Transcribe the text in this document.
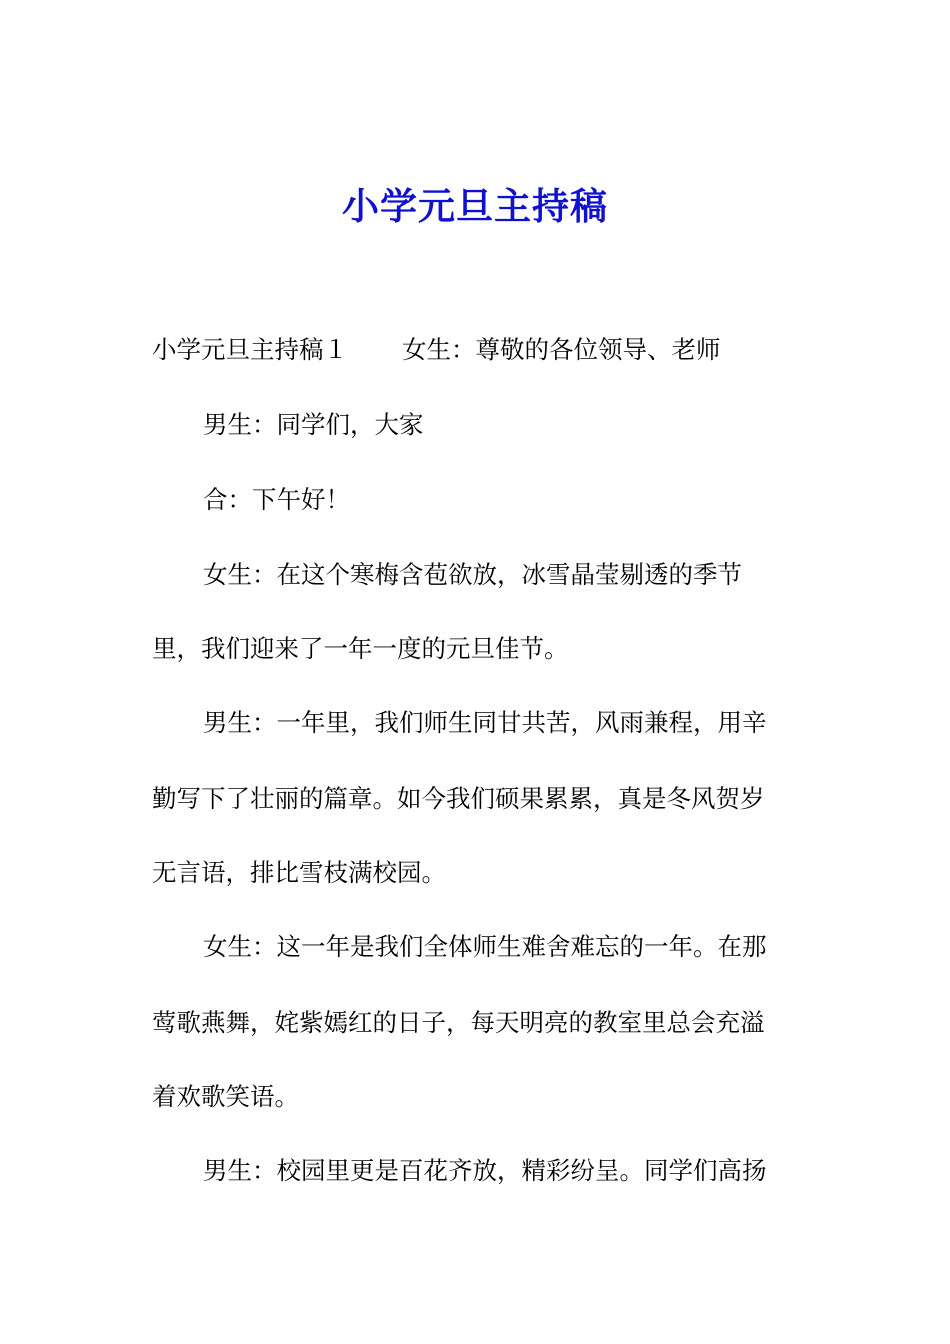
小学元旦主持稿
小学元旦主持稿１ 女生：尊敬的各位领导、老师
男生：同学们，大家
合：下午好！
女生：在这个寒梅含苞欲放，冰雪晶莹剔透的季节
里，我们迎来了一年一度的元旦佳节。
男生：一年里，我们师生同甘共苦，风雨兼程，用辛
勤写下了壮丽的篇章。如今我们硕果累累，真是冬风贺岁
无言语，排比雪枝满校园。
女生：这一年是我们全体师生难舍难忘的一年。在那
莺歌燕舞，姹紫嫣红的日子，每天明亮的教室里总会充溢
着欢歌笑语。
男生：校园里更是百花齐放，精彩纷呈。同学们高扬
